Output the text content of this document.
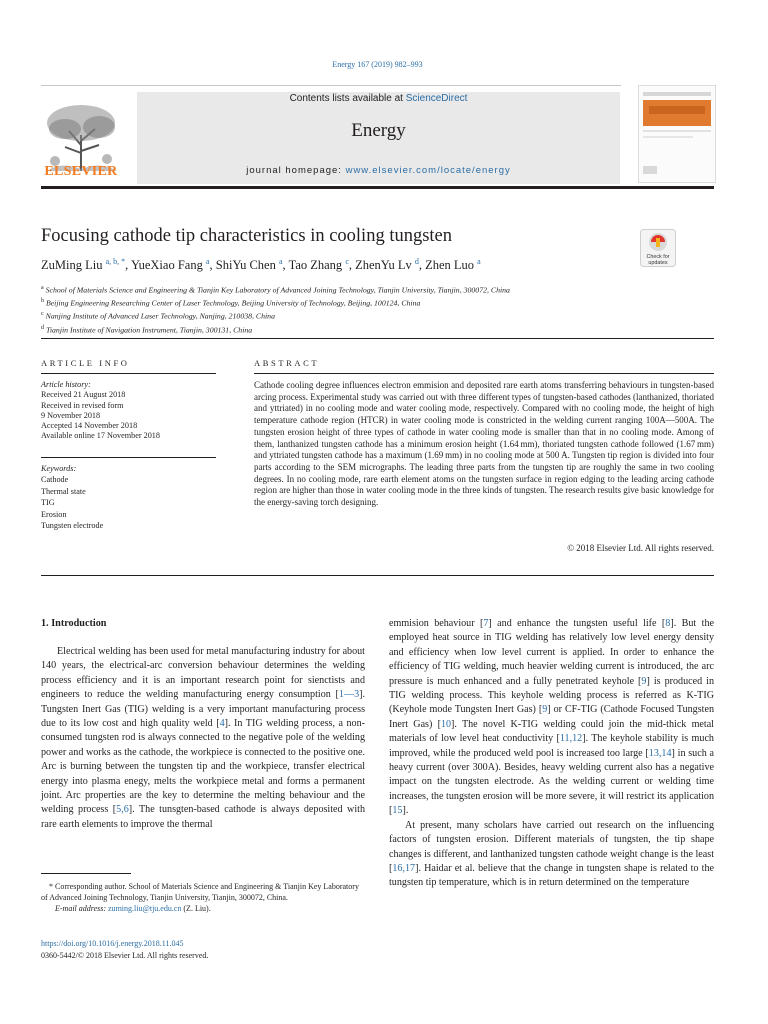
Energy 167 (2019) 982–993
ELSEVIER
Contents lists available at ScienceDirect
Energy
journal homepage: www.elsevier.com/locate/energy
Focusing cathode tip characteristics in cooling tungsten
Check for
updates
ZuMing Liu $^{a, b, *}$, YueXiao Fang $^a$, ShiYu Chen $^a$, Tao Zhang $^c$, ZhenYu Lv $^d$, Zhen Luo $^a$
$^a$ School of Materials Science and Engineering & Tianjin Key Laboratory of Advanced Joining Technology, Tianjin University, Tianjin, 300072, China
$^b$ Beijing Engineering Researching Center of Laser Technology, Beijing University of Technology, Beijing, 100124, China
$^c$ Nanjing Institute of Advanced Laser Technology, Nanjing, 210038, China
$^d$ Tianjin Institute of Navigation Instrument, Tianjin, 300131, China
ARTICLE INFO
Article history:
Received 21 August 2018
Received in revised form
9 November 2018
Accepted 14 November 2018
Available online 17 November 2018
Keywords:
Cathode
Thermal state
TIG
Erosion
Tungsten electrode
ABSTRACT
Cathode cooling degree influences electron emmision and deposited rare earth atoms transferring behaviours in tungsten-based arcing process. Experimental study was carried out with three different types of tungsten-based cathodes (lanthanized, thoriated and yttriated) in no cooling mode and water cooling mode, respectively. Compared with no cooling mode, the height of high temperature cathode region (HTCR) in water cooling mode is constricted in the welding current ranging 100A—500A. The tungsten erosion height of three types of cathode in water cooling mode is smaller than that in no cooling mode. Among of them, lanthanized tungsten cathode has a minimum erosion height (1.64 mm), thoriated tungsten cathode followed (1.67 mm) and yttriated tungsten cathode has a maximum (1.69 mm) in no cooling mode at 500 A. Tungsten tip region is divided into four parts according to the SEM micrographs. The leading three parts from the tungsten tip are roughly the same in two cooling degrees. In no cooling mode, rare earth element atoms on the tungsten surface in region edging to the leading arcing cathode region are higher than those in water cooling mode in the three kinds of tungsten. The research results give basic knowledge for the energy-saving torch designing.
© 2018 Elsevier Ltd. All rights reserved.
1. Introduction

Electrical welding has been used for metal manufacturing industry for about 140 years, the electrical-arc conversion behaviour determines the welding process efficiency and it is an important research point for sienctists and engineers to reduce the welding manufacturing energy consumption [1—3]. Tungsten Inert Gas (TIG) welding is a very important manufacturing process due to its low cost and high quality weld [4]. In TIG welding process, a non-consumed tungsten rod is always connected to the negative pole of the welding power and works as the cathode, the workpiece is connected to the positive one. Arc is burning between the tungsten tip and the workpiece, transfer electrical energy into plasma enegy, melts the workpiece metal and forms a permanent joint. Arc properties are the key to determine the melting behaviour and the welding process [5,6]. The tunsgten-based cathode is always deposited with rare earth elements to improve the thermal

emmision behaviour [7] and enhance the tungsten useful life [8]. But the employed heat source in TIG welding has relatively low level energy density and efficiency when low level current is applied. In order to enhance the efficiency of TIG welding, much heavier welding current is introduced, the arc pressure is much enhanced and a fully penetrated keyhole [9] is produced in TIG welding process. This keyhole welding process is referred as K-TIG (Keyhole mode Tungsten Inert Gas) [9] or CF-TIG (Cathode Focused Tungsten Inert Gas) [10]. The novel K-TIG welding could join the mid-thick metal materials of low level heat conductivity [11,12]. The keyhole stability is much improved, while the produced weld pool is increased too large [13,14] in such a heavy current (over 300A). Besides, heavy welding current also has a negative impact on the tungsten electrode. As the welding current or welding time increases, the tungsten erosion will be more severe, it will restrict its application [15].

At present, many scholars have carried out research on the influencing factors of tungsten erosion. Different materials of tungsten, the tip shape changes is different, and lanthanized tungsten cathode weight change is the least [16,17]. Haidar et al. believe that the change in tungsten shape is related to the tungsten tip temperature, which is in return determined on the temperature

* Corresponding author. School of Materials Science and Engineering & Tianjin Key Laboratory of Advanced Joining Technology, Tianjin University, Tianjin, 300072, China.

E-mail address: zuming.liu@tju.edu.cn (Z. Liu).

https://doi.org/10.1016/j.energy.2018.11.045
0360-5442/© 2018 Elsevier Ltd. All rights reserved.
